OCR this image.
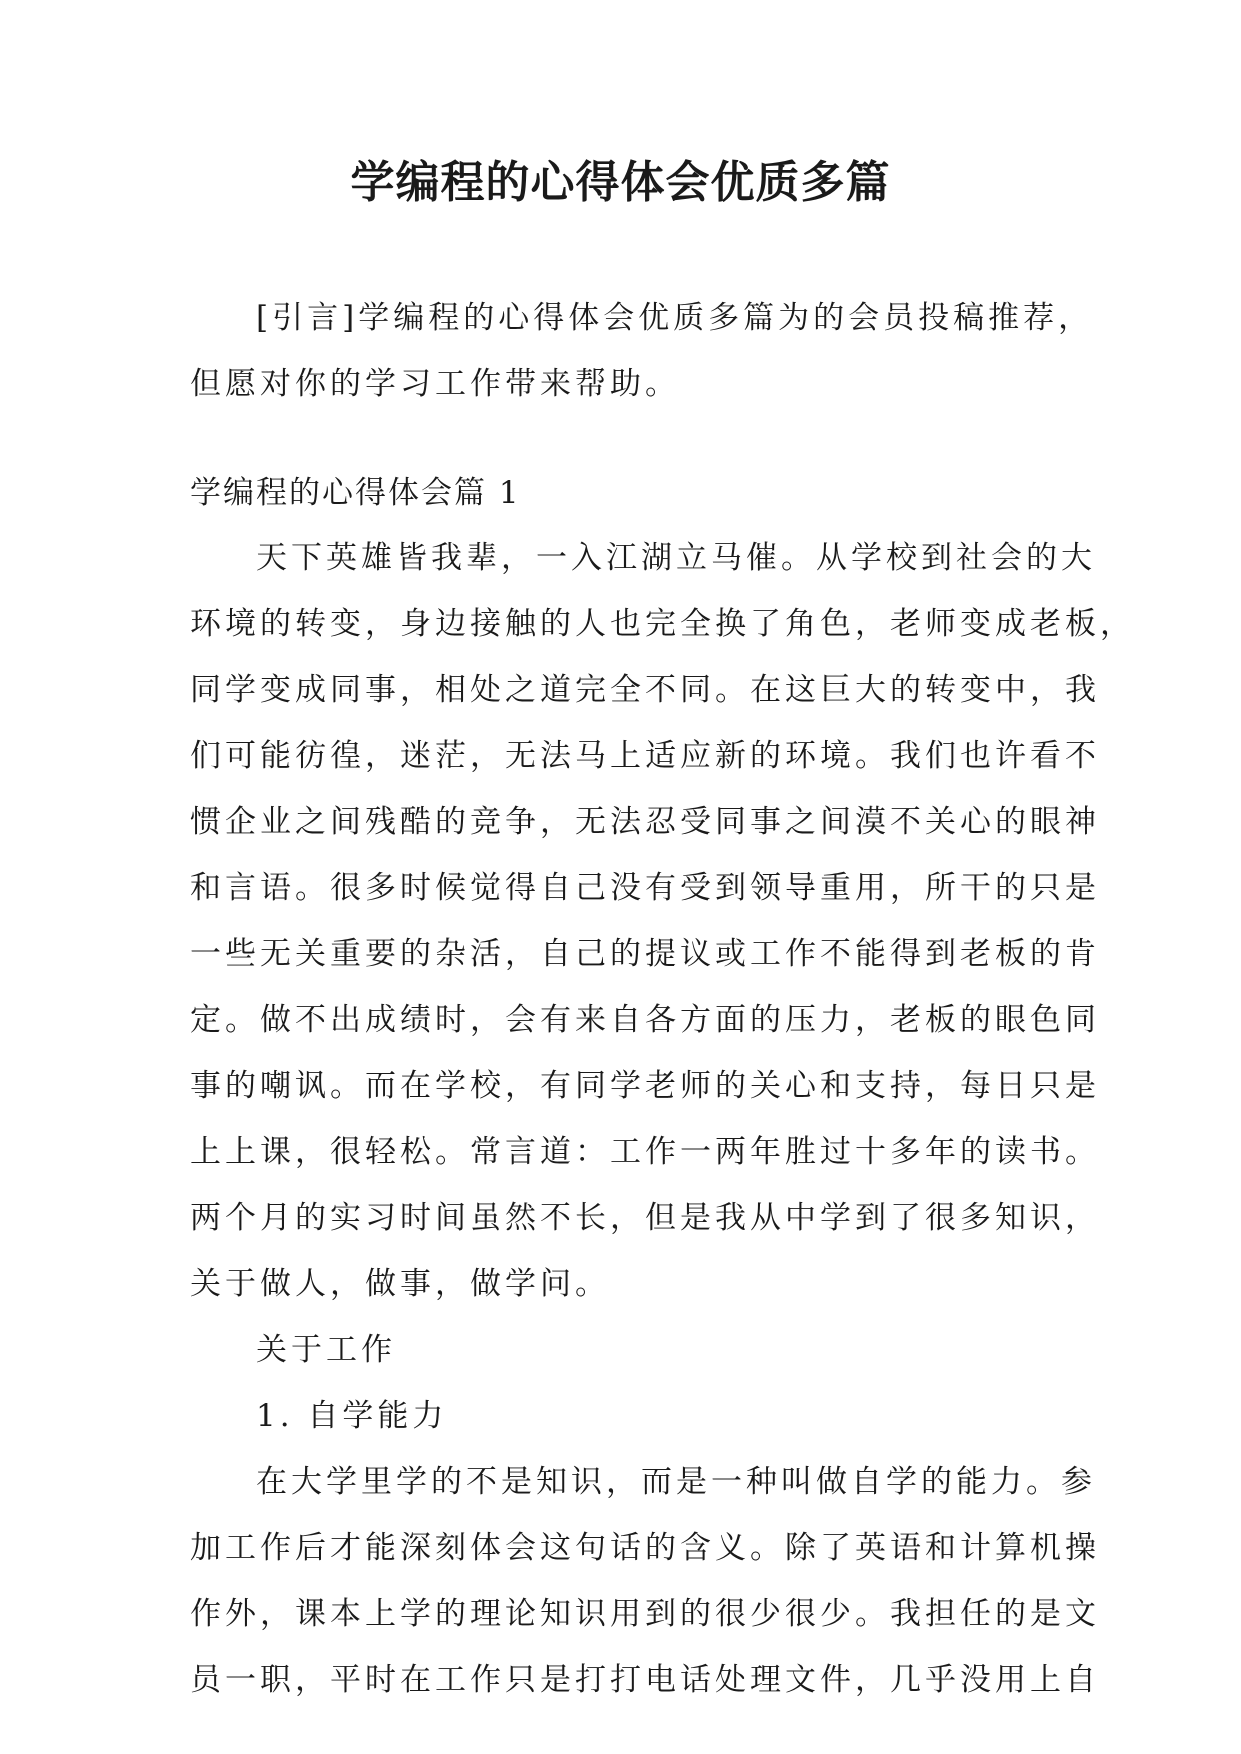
学编程的心得体会优质多篇
[引言]学编程的心得体会优质多篇为的会员投稿推荐，
但愿对你的学习工作带来帮助。
学编程的心得体会篇 1
天下英雄皆我辈，一入江湖立马催。从学校到社会的大
环境的转变，身边接触的人也完全换了角色，老师变成老板，
同学变成同事，相处之道完全不同。在这巨大的转变中，我
们可能彷徨，迷茫，无法马上适应新的环境。我们也许看不
惯企业之间残酷的竞争，无法忍受同事之间漠不关心的眼神
和言语。很多时候觉得自己没有受到领导重用，所干的只是
一些无关重要的杂活，自己的提议或工作不能得到老板的肯
定。做不出成绩时，会有来自各方面的压力，老板的眼色同
事的嘲讽。而在学校，有同学老师的关心和支持，每日只是
上上课，很轻松。常言道：工作一两年胜过十多年的读书。
两个月的实习时间虽然不长，但是我从中学到了很多知识，
关于做人，做事，做学问。
关于工作
1. 自学能力
在大学里学的不是知识，而是一种叫做自学的能力。参
加工作后才能深刻体会这句话的含义。除了英语和计算机操
作外，课本上学的理论知识用到的很少很少。我担任的是文
员一职，平时在工作只是打打电话处理文件，几乎没用上自
